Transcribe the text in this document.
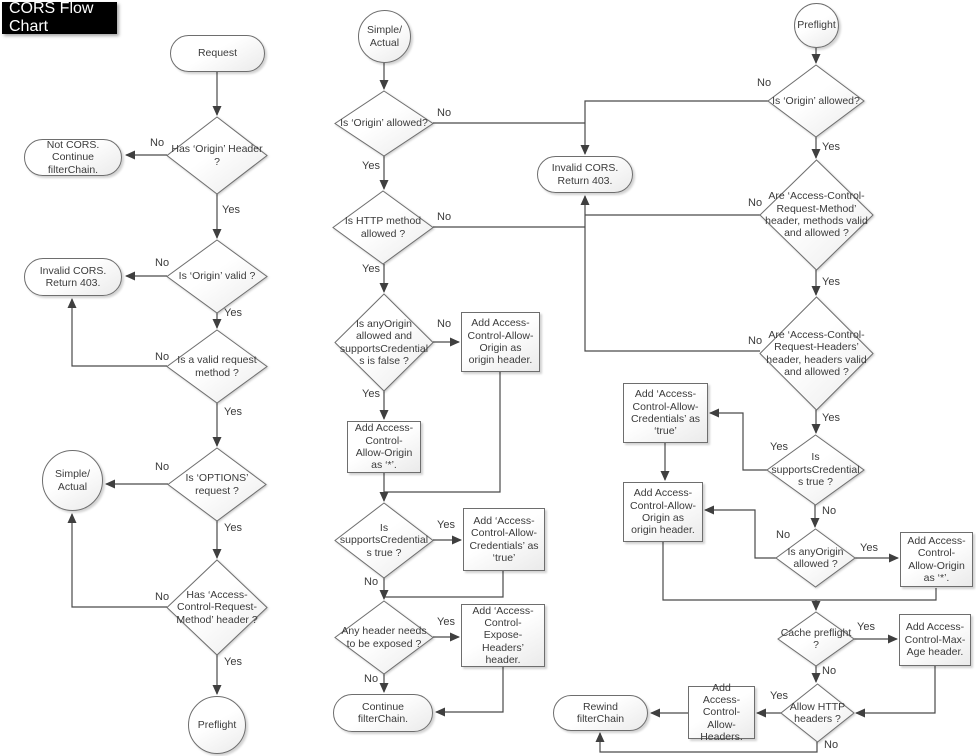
CORS Flow Chart
Request
Has ‘Origin’ Header ?
Not CORS. Continue filterChain.
Invalid CORS. Return 403.
Is ‘Origin’ valid ?
Is a valid request method ?
Simple/ Actual
Is ‘OPTIONS’ request ?
Has ‘Access-Control-Request-Method’ header ?
Preflight
Simple/ Actual
Is ‘Origin’ allowed?
Invalid CORS. Return 403.
Is HTTP method allowed ?
Is anyOrigin allowed and supportsCredentials is false ?
Add Access-Control-Allow-Origin as origin header.
Add Access-Control-Allow-Origin as ‘*’.
Is supportsCredentials true ?
Add ‘Access-Control-Allow-Credentials’ as ‘true’
Any header needs to be exposed ?
Add ‘Access-Control-Expose-Headers’ header.
Continue filterChain.
Preflight
Is ‘Origin’ allowed?
Are ‘Access-Control-Request-Method’ header, methods valid and allowed ?
Are ‘Access-Control-Request-Headers’ header, headers valid and allowed ?
Is supportsCredentials true ?
Is anyOrigin allowed ?
Add ‘Access-Control-Allow-Credentials’ as ‘true’
Add Access-Control-Allow-Origin as origin header.
Add Access-Control-Allow-Origin as ‘*’.
Cache preflight ?
Add Access-Control-Max-Age header.
Allow HTTP headers ?
Add Access-Control-Allow-Headers.
Rewind filterChain
No
Yes
No
Yes
No
Yes
No
Yes
No
Yes
No
Yes
No
Yes
No
Yes
Yes
No
Yes
No
No
Yes
No
Yes
No
Yes
Yes
No
No
Yes
Yes
No
Yes
No
